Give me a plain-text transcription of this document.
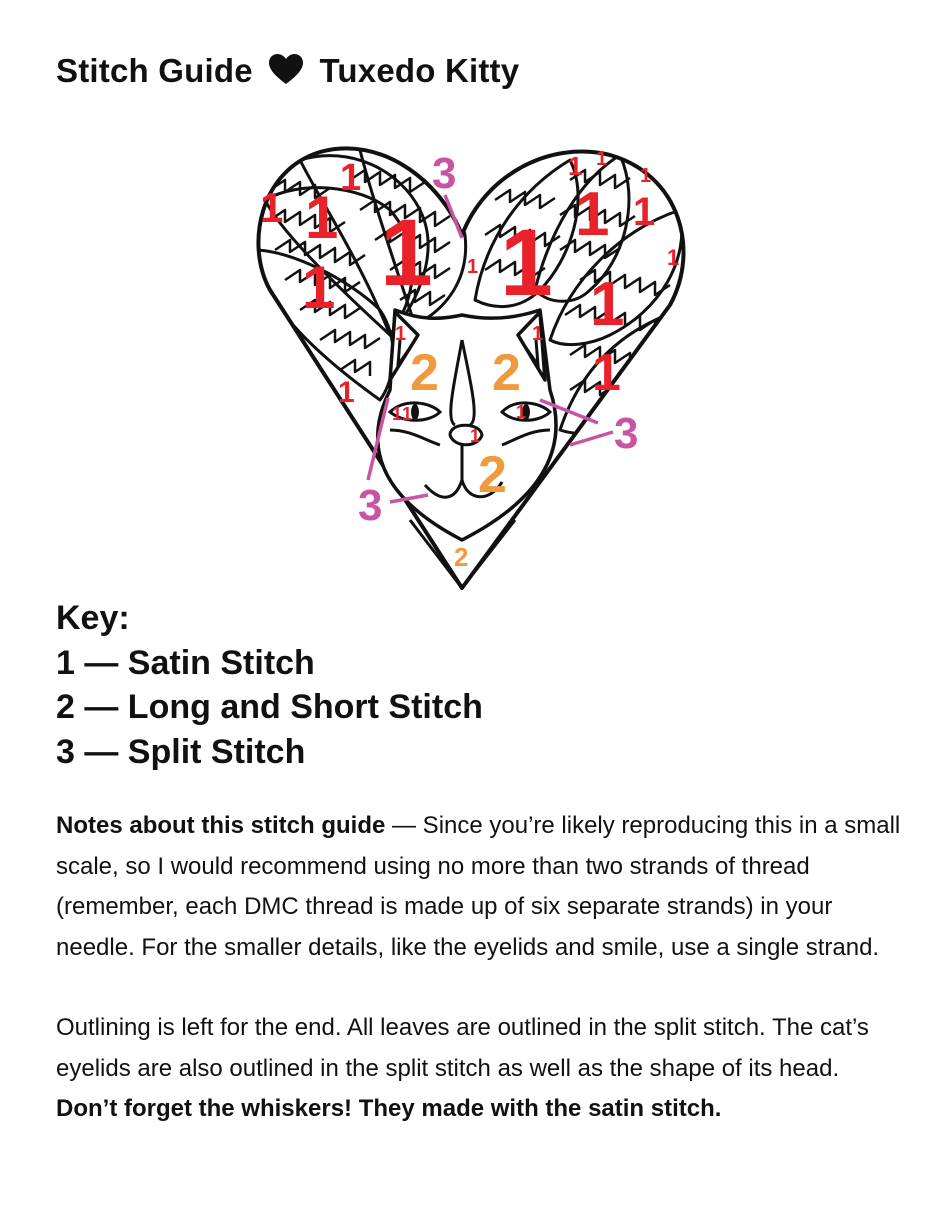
Stitch Guide Tuxedo Kitty
1 1
1
1
1
1
1
1 1
1
1 1
1
1
1
1
1	1
1 1	1
1
2 2
2
2
3
3
3
Key:
1 — Satin Stitch
2 — Long and Short Stitch
3 — Split Stitch

Notes about this stitch guide — Since you’re likely reproducing this in a small scale, so I would recommend using no more than two strands of thread (remember, each DMC thread is made up of six separate strands) in your needle. For the smaller details, like the eyelids and smile, use a single strand.

Outlining is left for the end. All leaves are outlined in the split stitch. The cat’s eyelids are also outlined in the split stitch as well as the shape of its head. Don’t forget the whiskers! They made with the satin stitch.
